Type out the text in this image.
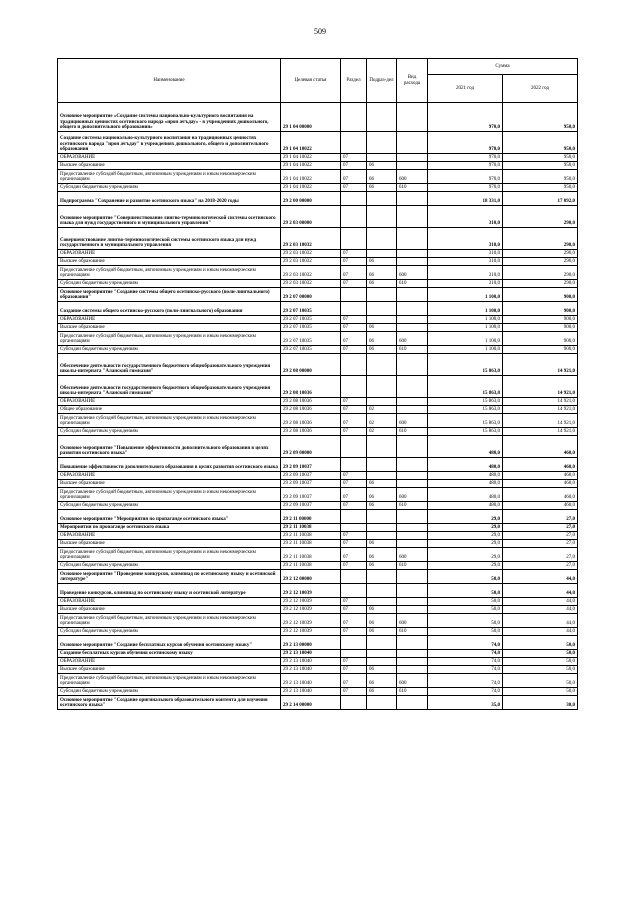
509
Наименование	Целевая статья	Раздел	Подраз-дел	Вид расхода	Сумма	
					2021 год	2022 год
Основное мероприятие «Создание системы национально-культурного воспитания на традиционных ценностях осетинского народа «ирон æгъдау» - в учреждениях дошкольного, общего и дополнительного образования»	29 1 04 00000				970,0	950,0
Создание системы национально-культурного воспитания на традиционных ценностях осетинского народа "ирон æгъдау" в учреждениях дошкольного, общего и дополнительного образования	29 1 04 10022				970,0	950,0
ОБРАЗОВАНИЕ	29 1 04 10022	07			970,0	950,0
Высшее образование	29 1 04 10022	07	06		970,0	950,0
Предоставление субсидий бюджетным, автономным учреждениям и иным некоммерческим организациям	29 1 04 10022	07	06	600	970,0	950,0
Субсидии бюджетным учреждениям	29 1 04 10022	07	06	610	970,0	950,0
Подпрограмма "Сохранение и развитие осетинского языка" на 2018-2020 годы	29 2 00 00000				18 331,0	17 092,0
Основное мероприятие "Совершенствование лингво-терминологической системы осетинского языка для нужд государственного и муниципального управления"	29 2 03 00000				310,0	290,0
Совершенствование лингво-терминологической системы осетинского языка для нужд государственного и муниципального управления	29 2 03 10032				310,0	290,0
ОБРАЗОВАНИЕ	29 2 03 10032	07			310,0	290,0
Высшее образование	29 2 03 10032	07	06		310,0	290,0
Предоставление субсидий бюджетным, автономным учреждениям и иным некоммерческим организациям	29 2 03 10032	07	06	600	310,0	290,0
Субсидии бюджетным учреждениям	29 2 03 10032	07	06	610	310,0	290,0
Основное мероприятие "Создание системы общего осетинско-русского (поли-лингвального) образования"	29 2 07 00000				1 100,0	900,0
Создание системы общего осетинско-русского (поли-лингвального) образования	29 2 07 10035				1 100,0	900,0
ОБРАЗОВАНИЕ	29 2 07 10035	07			1 100,0	900,0
Высшее образование	29 2 07 10035	07	06		1 100,0	900,0
Предоставление субсидий бюджетным, автономным учреждениям и иным некоммерческим организациям	29 2 07 10035	07	06	600	1 100,0	900,0
Субсидии бюджетным учреждениям	29 2 07 10035	07	06	610	1 100,0	900,0
Обеспечение деятельности государственного бюджетного общеобразовательного учреждения школы-интерната "Аланский гимназия"	29 2 08 00000				15 863,0	14 921,0
Обеспечение деятельности государственного бюджетного общеобразовательного учреждения школы-интерната "Аланский гимназия"	29 2 08 10036				15 863,0	14 921,0
ОБРАЗОВАНИЕ	29 2 08 10036	07			15 863,0	14 921,0
Общее образование	29 2 08 10036	07	02		15 863,0	14 921,0
Предоставление субсидий бюджетным, автономным учреждениям и иным некоммерческим организациям	29 2 08 10036	07	02	600	15 863,0	14 921,0
Субсидии бюджетным учреждениям	29 2 08 10036	07	02	610	15 863,0	14 921,0
Основное мероприятие "Повышение эффективности дополнительного образования в целях развития осетинского языка"	29 2 09 00000				480,0	460,0
Повышение эффективности дополнительного образования в целях развития осетинского языка	29 2 09 10037				480,0	460,0
ОБРАЗОВАНИЕ	29 2 09 10037	07			480,0	460,0
Высшее образование	29 2 09 10037	07	06		480,0	460,0
Предоставление субсидий бюджетным, автономным учреждениям и иным некоммерческим организациям	29 2 09 10037	07	06	600	480,0	460,0
Субсидии бюджетным учреждениям	29 2 09 10037	07	06	610	480,0	460,0
Основное мероприятие "Мероприятия по пропаганде осетинского языка"	29 2 11 00000				29,0	27,0
Мероприятия по пропаганде осетинского языка	29 2 11 10038				29,0	27,0
ОБРАЗОВАНИЕ	29 2 11 10038	07			29,0	27,0
Высшее образование	29 2 11 10038	07	06		29,0	27,0
Предоставление субсидий бюджетным, автономным учреждениям и иным некоммерческим организациям	29 2 11 10038	07	06	600	29,0	27,0
Субсидии бюджетным учреждениям	29 2 11 10038	07	06	610	29,0	27,0
Основное мероприятие "Проведение конкурсов, олимпиад по осетинскому языку и осетинской литературе"	29 2 12 00000				50,0	44,0
Проведение конкурсов, олимпиад по осетинскому языку и осетинской литературе	29 2 12 10039				50,0	44,0
ОБРАЗОВАНИЕ	29 2 12 10039	07			50,0	44,0
Высшее образование	29 2 12 10039	07	06		50,0	44,0
Предоставление субсидий бюджетным, автономным учреждениям и иным некоммерческим организациям	29 2 12 10039	07	06	600	50,0	44,0
Субсидии бюджетным учреждениям	29 2 12 10039	07	06	610	50,0	44,0
Основное мероприятие "Создание бесплатных курсов обучения осетинскому языку"	29 2 13 00000				74,0	50,0
Создание бесплатных курсов обучения осетинскому языку	29 2 13 10040				74,0	50,0
ОБРАЗОВАНИЕ	29 2 13 10040	07			74,0	50,0
Высшее образование	29 2 13 10040	07	06		74,0	50,0
Предоставление субсидий бюджетным, автономным учреждениям и иным некоммерческим организациям	29 2 13 10040	07	06	600	74,0	50,0
Субсидии бюджетным учреждениям	29 2 13 10040	07	06	610	74,0	50,0
Основное мероприятие "Создание оригинального образовательного контента для изучения осетинского языка"	29 2 14 00000				35,0	30,0
